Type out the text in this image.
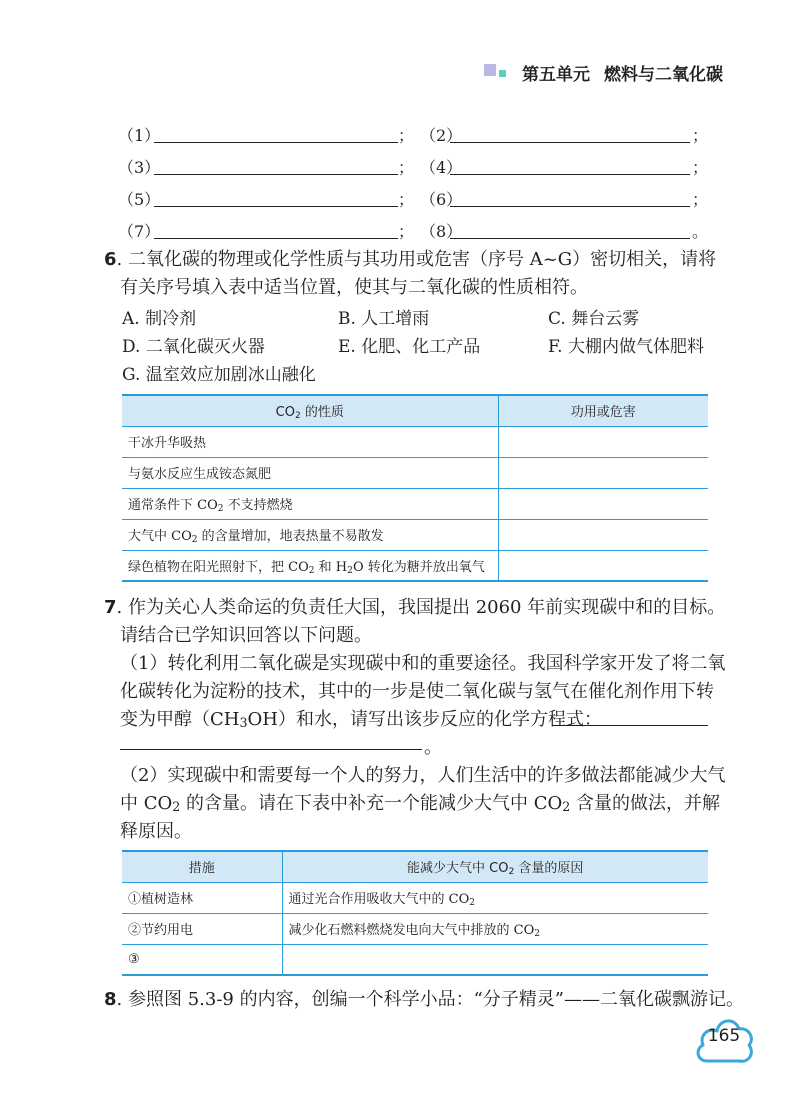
第五单元 燃料与二氧化碳
（1）	； （2）	；
（3）	； （4）	；
（5）	； （6）	；
（7）	； （8）	。
6. 二氧化碳的物理或化学性质与其功用或危害（序号 A~G）密切相关，请将
有关序号填入表中适当位置，使其与二氧化碳的性质相符。
A. 制冷剂	B. 人工增雨	C. 舞台云雾
D. 二氧化碳灭火器	E. 化肥、化工产品	F. 大棚内做气体肥料
G. 温室效应加剧冰山融化
$CO_2$ 的性质	功用或危害
干冰升华吸热	
与氨水反应生成铵态氮肥	
通常条件下 $CO_2$ 不支持燃烧	
大气中 $CO_2$ 的含量增加，地表热量不易散发	
绿色植物在阳光照射下，把 $CO_2$ 和 $H_2O$ 转化为糖并放出氧气	
7. 作为关心人类命运的负责任大国，我国提出 2060 年前实现碳中和的目标。
请结合已学知识回答以下问题。
（1）转化利用二氧化碳是实现碳中和的重要途径。我国科学家开发了将二氧
化碳转化为淀粉的技术，其中的一步是使二氧化碳与氢气在催化剂作用下转
变为甲醇$(CH_3OH)$和水，请写出该步反应的化学方程式：
。
（2）实现碳中和需要每一个人的努力，人们生活中的许多做法都能减少大气
中 $CO_2$ 的含量。请在下表中补充一个能减少大气中 $CO_2$ 含量的做法，并解
释原因。
措施	能减少大气中 $CO_2$ 含量的原因
①植树造林	通过光合作用吸收大气中的 $CO_2$
②节约用电	减少化石燃料燃烧发电向大气中排放的 $CO_2$
③	
8. 参照图 5.3-9 的内容，创编一个科学小品：“分子精灵”——二氧化碳飘游记。
165
